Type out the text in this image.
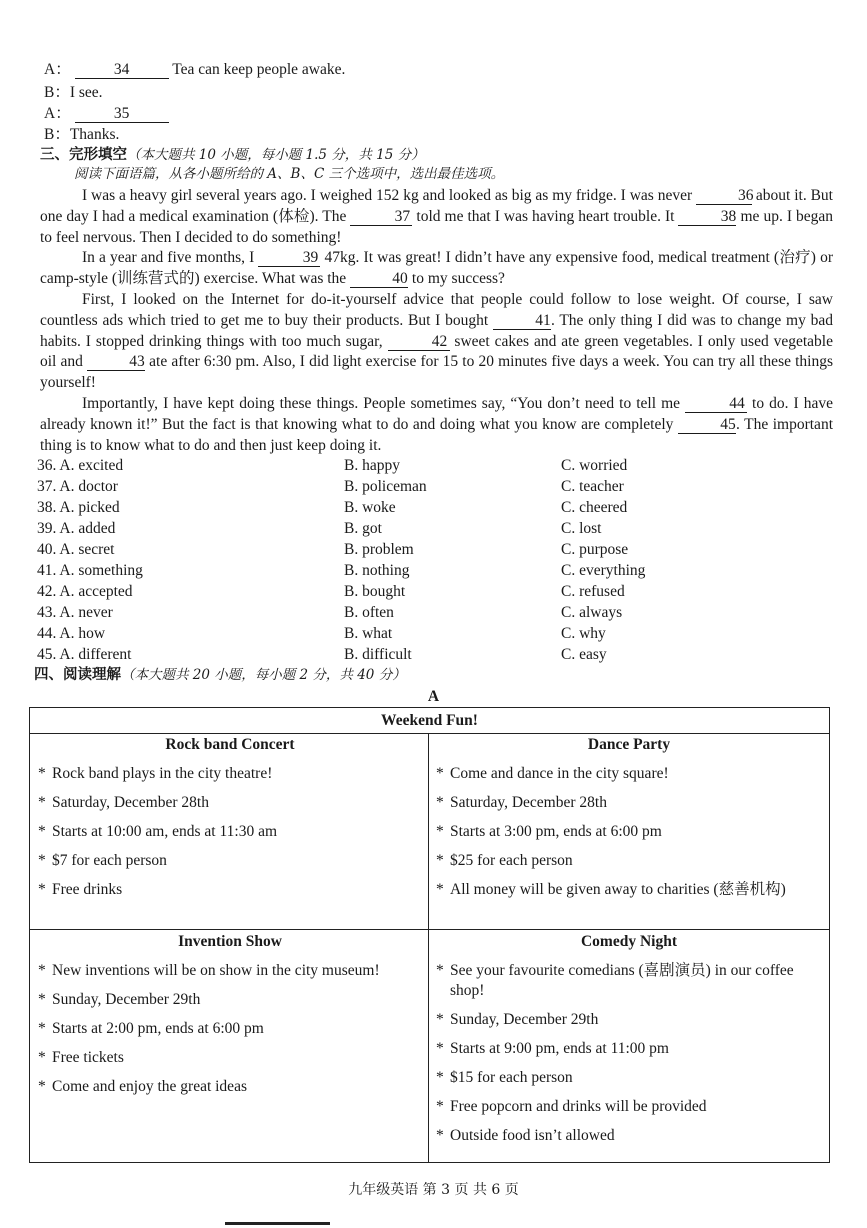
A：	34	Tea can keep people awake.
B：I see.
A：	35
B：Thanks.
三、完形填空（本大题共 10 小题，每小题 1.5 分，共 15 分）
阅读下面语篇，从各小题所给的 A、B、C 三个选项中，选出最佳选项。

I was a heavy girl several years ago. I weighed 152 kg and looked as big as my fridge. I was never	36 about it. But one day I had a medical examination (体检). The	37 told me that I was having heart trouble. It	38 me up. I began to feel nervous. Then I decided to do something!

In a year and five months, I	39 47kg. It was great! I didn’t have any expensive food, medical treatment (治疗) or camp-style (训练营式的) exercise. What was the	40 to my success?

First, I looked on the Internet for do-it-yourself advice that people could follow to lose weight. Of course, I saw countless ads which tried to get me to buy their products. But I bought	41. The only thing I did was to change my bad habits. I stopped drinking things with too much sugar,	42 sweet cakes and ate green vegetables. I only used vegetable oil and	43 ate after 6:30 pm. Also, I did light exercise for 15 to 20 minutes five days a week. You can try all these things yourself!

Importantly, I have kept doing these things. People sometimes say, “You don’t need to tell me	44 to do. I have already known it!” But the fact is that knowing what to do and doing what you know are completely	45. The important thing is to know what to do and then just keep doing it.

36. A. excited	B. happy	C. worried
37. A. doctor	B. policeman	C. teacher
38. A. picked	B. woke	C. cheered
39. A. added	B. got	C. lost
40. A. secret	B. problem	C. purpose
41. A. something	B. nothing	C. everything
42. A. accepted	B. bought	C. refused
43. A. never	B. often	C. always
44. A. how	B. what	C. why
45. A. different	B. difficult	C. easy
四、阅读理解（本大题共 20 小题，每小题 2 分，共 40 分）
A
Weekend Fun!
Rock band Concert
* Rock band plays in the city theatre!
* Saturday, December 28th
* Starts at 10:00 am, ends at 11:30 am
* $7 for each person
* Free drinks
Dance Party
* Come and dance in the city square!
* Saturday, December 28th
* Starts at 3:00 pm, ends at 6:00 pm
* $25 for each person
* All money will be given away to charities (慈善机构)
Invention Show
* New inventions will be on show in the city museum!
* Sunday, December 29th
* Starts at 2:00 pm, ends at 6:00 pm
* Free tickets
* Come and enjoy the great ideas
Comedy Night
* See your favourite comedians (喜剧演员) in our coffee shop!
* Sunday, December 29th
* Starts at 9:00 pm, ends at 11:00 pm
* $15 for each person
* Free popcorn and drinks will be provided
* Outside food isn’t allowed
九年级英语 第 3 页 共 6 页
